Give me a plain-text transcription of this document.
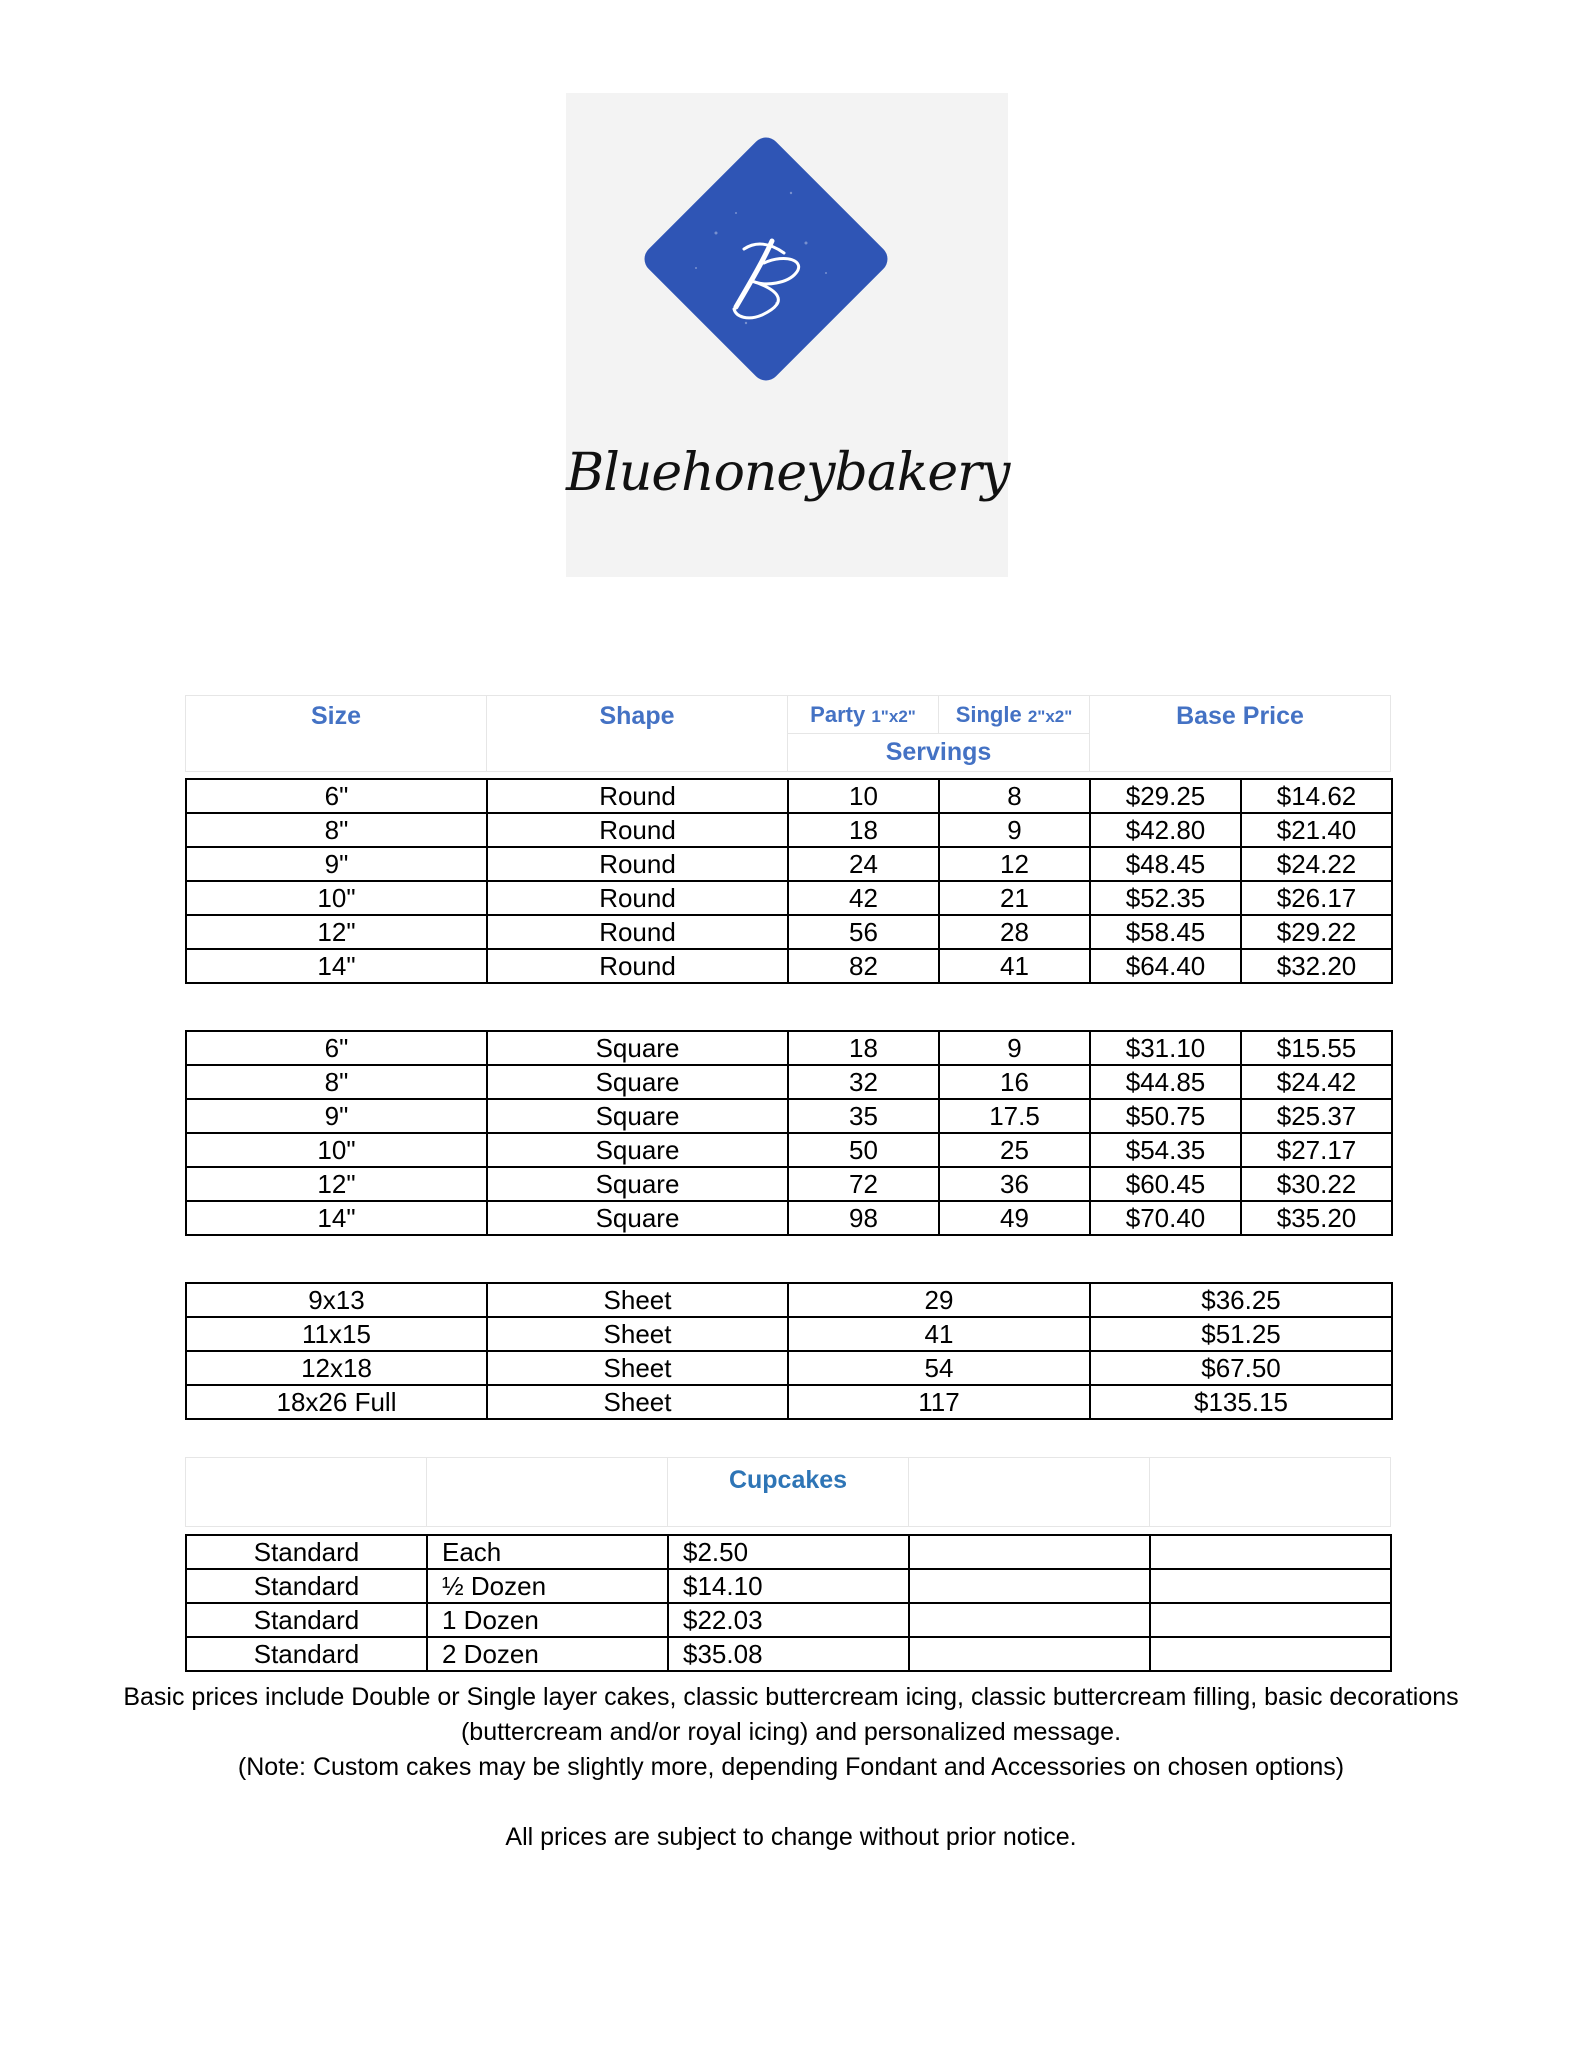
Bluehoneybakery
Size	Shape	Party 1"x2"	Single 2"x2"	Base Price
Servings
6"	Round	10	8	$29.25	$14.62
8"	Round	18	9	$42.80	$21.40
9"	Round	24	12	$48.45	$24.22
10"	Round	42	21	$52.35	$26.17
12"	Round	56	28	$58.45	$29.22
14"	Round	82	41	$64.40	$32.20
6"	Square	18	9	$31.10	$15.55
8"	Square	32	16	$44.85	$24.42
9"	Square	35	17.5	$50.75	$25.37
10"	Square	50	25	$54.35	$27.17
12"	Square	72	36	$60.45	$30.22
14"	Square	98	49	$70.40	$35.20
9x13	Sheet	29	$36.25
11x15	Sheet	41	$51.25
12x18	Sheet	54	$67.50
18x26 Full	Sheet	117	$135.15
		Cupcakes		
Standard	Each	$2.50		
Standard	½ Dozen	$14.10		
Standard	1 Dozen	$22.03		
Standard	2 Dozen	$35.08		

Basic prices include Double or Single layer cakes, classic buttercream icing, classic buttercream filling, basic decorations

(buttercream and/or royal icing) and personalized message.

(Note: Custom cakes may be slightly more, depending Fondant and Accessories on chosen options)

All prices are subject to change without prior notice.
